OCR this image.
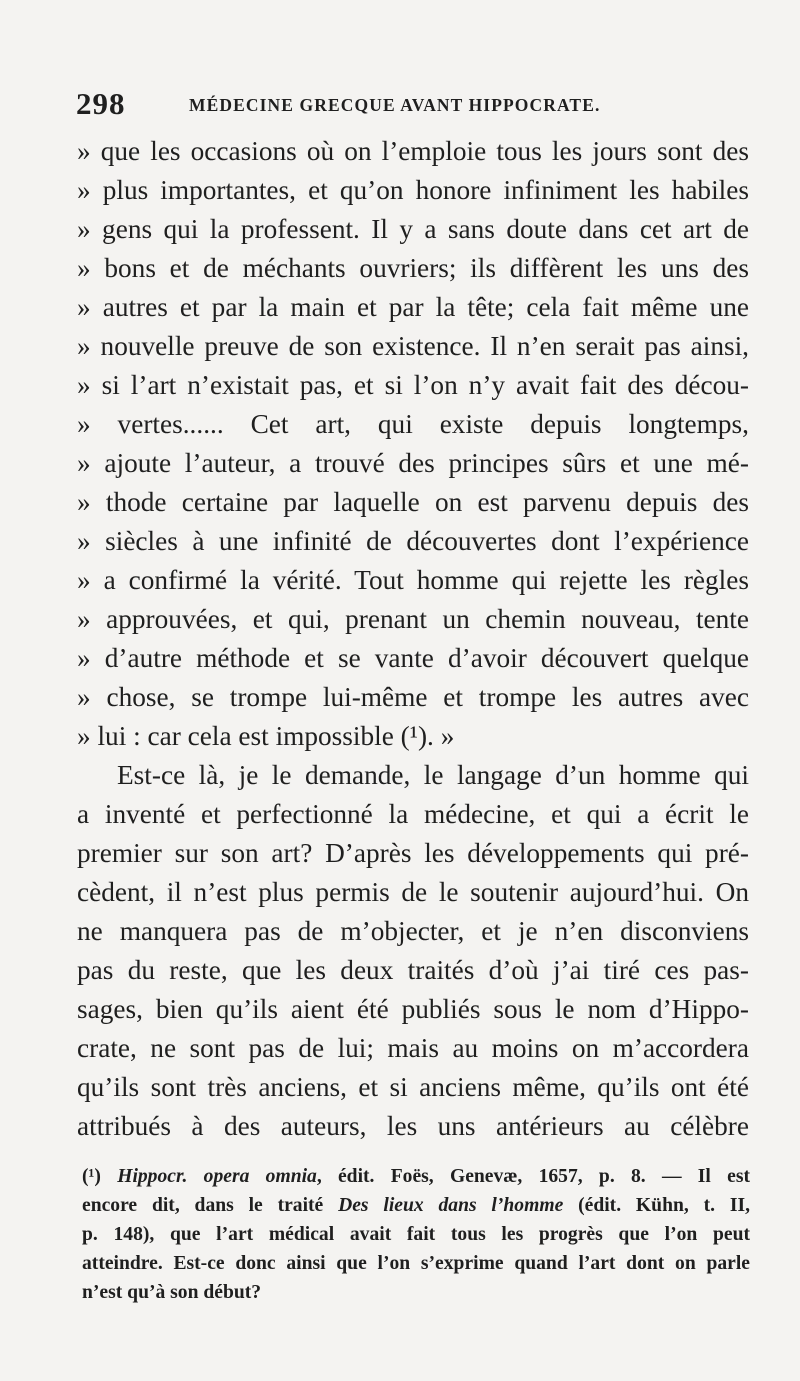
298	MÉDECINE GRECQUE AVANT HIPPOCRATE.
» que les occasions où on l’emploie tous les jours sont des
» plus importantes, et qu’on honore infiniment les habiles
» gens qui la professent. Il y a sans doute dans cet art de
» bons et de méchants ouvriers; ils diffèrent les uns des
» autres et par la main et par la tête; cela fait même une
» nouvelle preuve de son existence. Il n’en serait pas ainsi,
» si l’art n’existait pas, et si l’on n’y avait fait des décou-
» vertes...... Cet art, qui existe depuis longtemps,
» ajoute l’auteur, a trouvé des principes sûrs et une mé-
» thode certaine par laquelle on est parvenu depuis des
» siècles à une infinité de découvertes dont l’expérience
» a confirmé la vérité. Tout homme qui rejette les règles
» approuvées, et qui, prenant un chemin nouveau, tente
» d’autre méthode et se vante d’avoir découvert quelque
» chose, se trompe lui-même et trompe les autres avec
» lui : car cela est impossible (¹). »
Est-ce là, je le demande, le langage d’un homme qui
a inventé et perfectionné la médecine, et qui a écrit le
premier sur son art? D’après les développements qui pré-
cèdent, il n’est plus permis de le soutenir aujourd’hui. On
ne manquera pas de m’objecter, et je n’en disconviens
pas du reste, que les deux traités d’où j’ai tiré ces pas-
sages, bien qu’ils aient été publiés sous le nom d’Hippo-
crate, ne sont pas de lui; mais au moins on m’accordera
qu’ils sont très anciens, et si anciens même, qu’ils ont été
attribués à des auteurs, les uns antérieurs au célèbre
(¹) Hippocr. opera omnia, édit. Foës, Genevæ, 1657, p. 8. — Il est
encore dit, dans le traité Des lieux dans l’homme (édit. Kühn, t. II,
p. 148), que l’art médical avait fait tous les progrès que l’on peut
atteindre. Est-ce donc ainsi que l’on s’exprime quand l’art dont on parle
n’est qu’à son début?
